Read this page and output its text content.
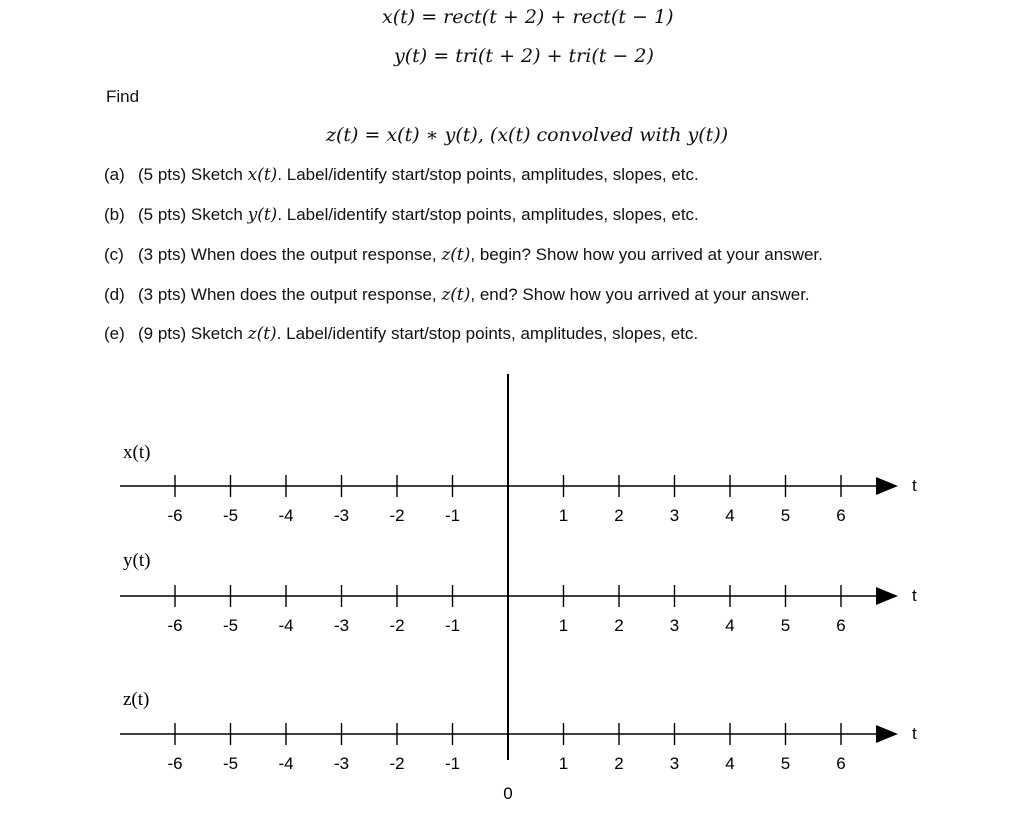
x(t) = rect(t + 2) + rect(t − 1)
y(t) = tri(t + 2) + tri(t − 2)
Find
z(t) = x(t) ∗ y(t), (x(t) convolved with y(t))
(a) (5 pts) Sketch x(t). Label/identify start/stop points, amplitudes, slopes, etc.
(b) (5 pts) Sketch y(t). Label/identify start/stop points, amplitudes, slopes, etc.
(c) (3 pts) When does the output response, z(t), begin? Show how you arrived at your answer.
(d) (3 pts) When does the output response, z(t), end? Show how you arrived at your answer.
(e) (9 pts) Sketch z(t). Label/identify start/stop points, amplitudes, slopes, etc.
t
x(t)
-6 -5 -4 -3 -2 -1	1	2	3	4	5	6
t
y(t)
-6 -5 -4 -3 -2 -1	1	2	3	4	5	6
t
z(t)
-6 -5 -4 -3 -2 -1	1	2	3	4	5	6
0
